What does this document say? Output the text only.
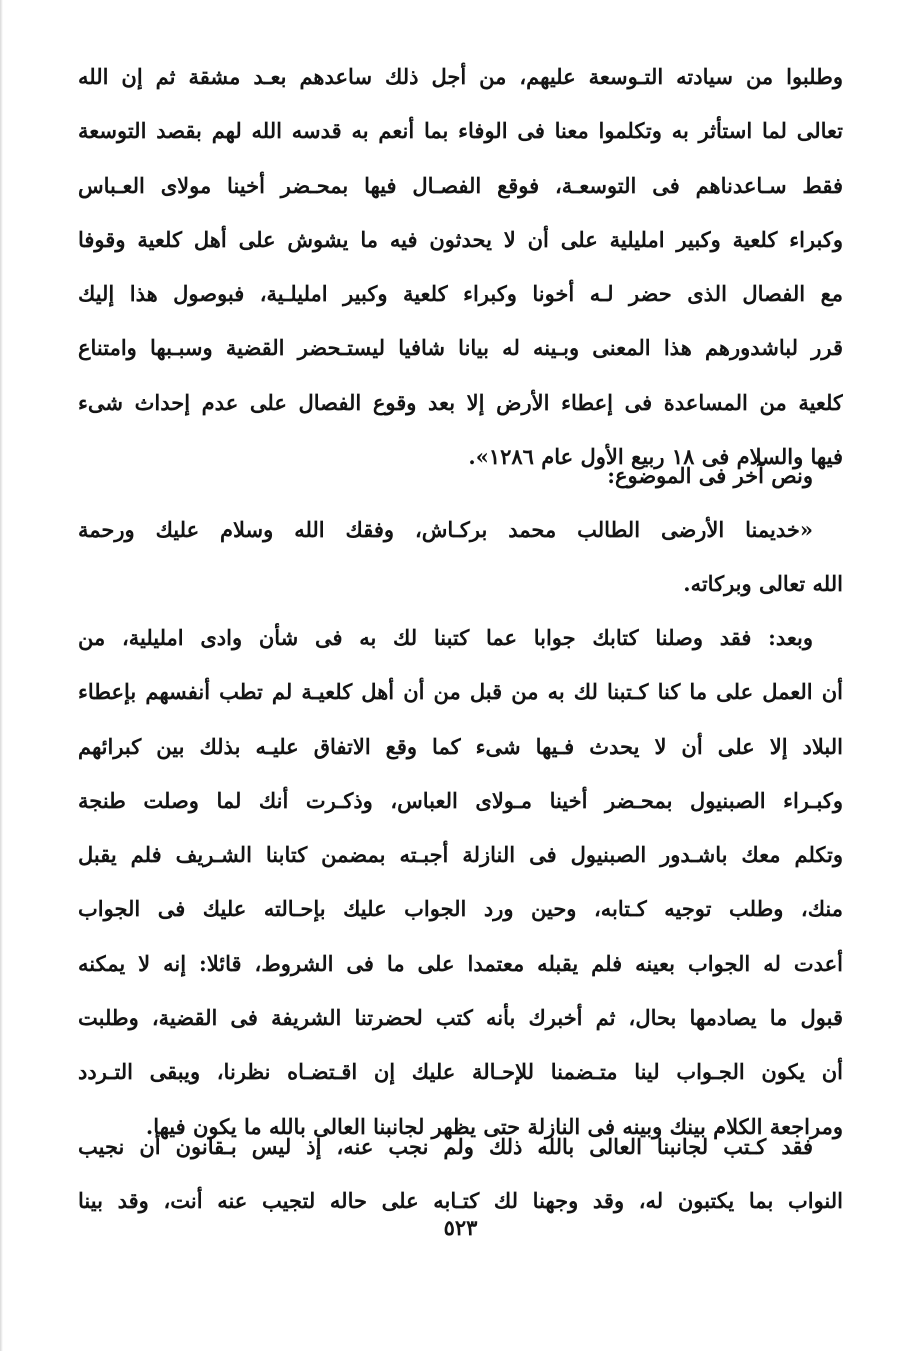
وطلبوا من سيادته التـوسعة عليهم، من أجل ذلك ساعدهم بعـد مشقة ثم إن الله
تعالى لما استأثر به وتكلموا معنا فى الوفاء بما أنعم به قدسه الله لهم بقصد التوسعة
فقط سـاعدناهم فى التوسعـة، فوقع الفصـال فيها بمحـضر أخينا مولاى العـباس
وكبراء كلعية وكبير امليلية على أن لا يحدثون فيه ما يشوش على أهل كلعية وقوفا
مع الفصال الذى حضر لـه أخونا وكبراء كلعية وكبير امليلـية، فبوصول هذا إليك
قرر لباشدورهم هذا المعنى وبـينه له بيانا شافيا ليستـحضر القضية وسبـبها وامتناع
كلعية من المساعدة فى إعطاء الأرض إلا بعد وقوع الفصال على عدم إحداث شىء
فيها والسلام فى ١٨ ربيع الأول عام ١٢٨٦».
ونص آخر فى الموضوع:
«خديمنا الأرضى الطالب محمد بركـاش، وفقك الله وسلام عليك ورحمة
الله تعالى وبركاته.
وبعد: فقد وصلنا كتابك جوابا عما كتبنا لك به فى شأن وادى امليلية، من
أن العمل على ما كنا كـتبنا لك به من قبل من أن أهل كلعيـة لم تطب أنفسهم بإعطاء
البلاد إلا على أن لا يحدث فـيها شىء كما وقع الاتفاق عليـه بذلك بين كبرائهم
وكبـراء الصبنيول بمحـضر أخينا مـولاى العباس، وذكـرت أنك لما وصلت طنجة
وتكلم معك باشـدور الصبنيول فى النازلة أجبـته بمضمن كتابنا الشـريف فلم يقبل
منك، وطلب توجيه كـتابه، وحين ورد الجواب عليك بإحـالته عليك فى الجواب
أعدت له الجواب بعينه فلم يقبله معتمدا على ما فى الشروط، قائلا: إنه لا يمكنه
قبول ما يصادمها بحال، ثم أخبرك بأنه كتب لحضرتنا الشريفة فى القضية، وطلبت
أن يكون الجـواب لينا متـضمنا للإحـالة عليك إن اقـتضـاه نظرنا، ويبقى التـردد
ومراجعة الكلام بينك وبينه فى النازلة حتى يظهر لجانبنا العالى بالله ما يكون فيها.
فقد كـتب لجانبنا العالى بالله ذلك ولم نجب عنه، إذ ليس بـقانون أن نجيب
النواب بما يكتبون له، وقد وجهنا لك كتـابه على حاله لتجيب عنه أنت، وقد بينا
٥٢٣
